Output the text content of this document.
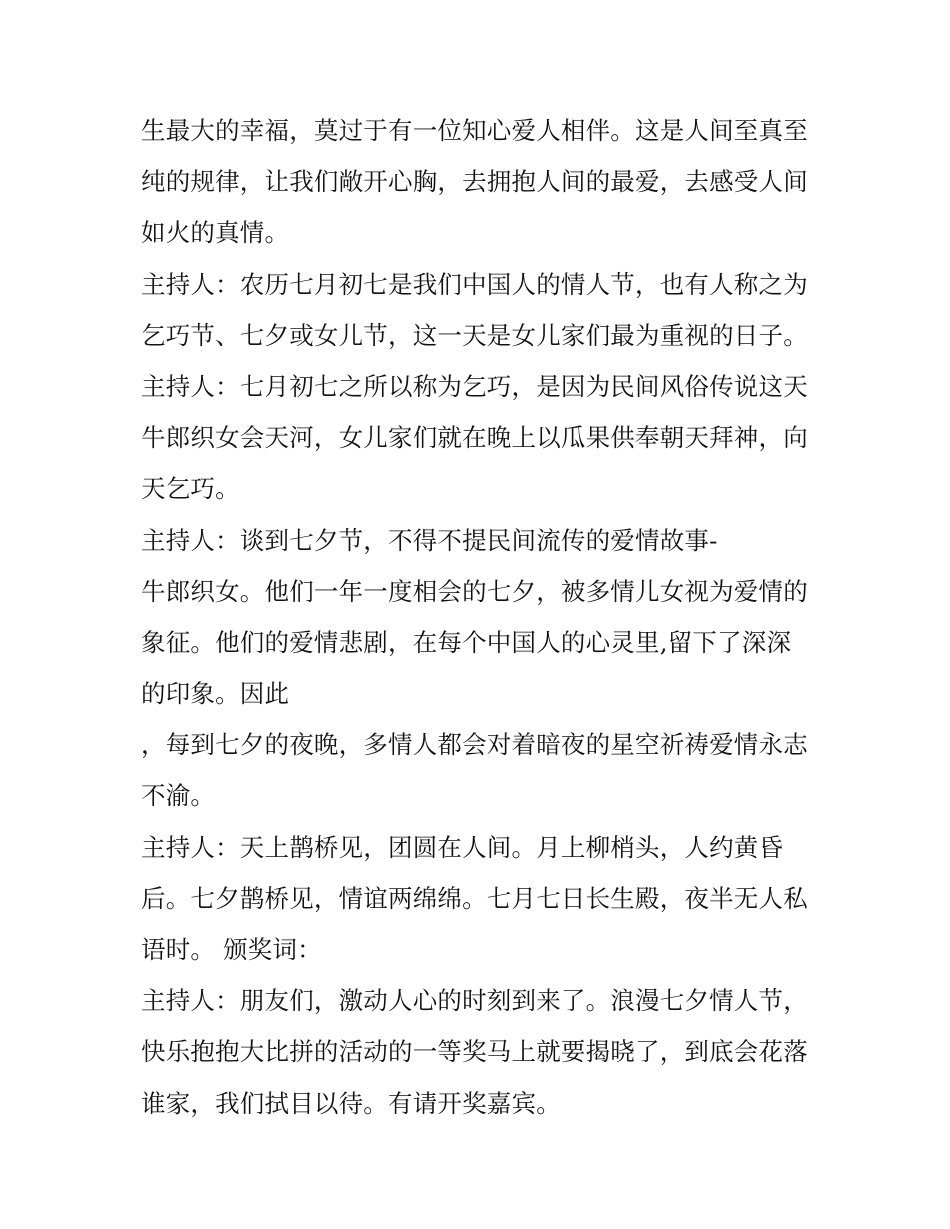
生最大的幸福，莫过于有一位知心爱人相伴。这是人间至真至
纯的规律，让我们敞开心胸，去拥抱人间的最爱，去感受人间
如火的真情。
主持人：农历七月初七是我们中国人的情人节，也有人称之为
乞巧节、七夕或女儿节，这一天是女儿家们最为重视的日子。
主持人：七月初七之所以称为乞巧，是因为民间风俗传说这天
牛郎织女会天河，女儿家们就在晚上以瓜果供奉朝天拜神，向
天乞巧。
主持人：谈到七夕节，不得不提民间流传的爱情故事-
牛郎织女。他们一年一度相会的七夕，被多情儿女视为爱情的
象征。他们的爱情悲剧，在每个中国人的心灵里,留下了深深
的印象。因此
，每到七夕的夜晚，多情人都会对着暗夜的星空祈祷爱情永志
不渝。
主持人：天上鹊桥见，团圆在人间。月上柳梢头，人约黄昏
后。七夕鹊桥见，情谊两绵绵。七月七日长生殿，夜半无人私
语时。 颁奖词：
主持人：朋友们，激动人心的时刻到来了。浪漫七夕情人节，
快乐抱抱大比拼的活动的一等奖马上就要揭晓了，到底会花落
谁家，我们拭目以待。有请开奖嘉宾。
